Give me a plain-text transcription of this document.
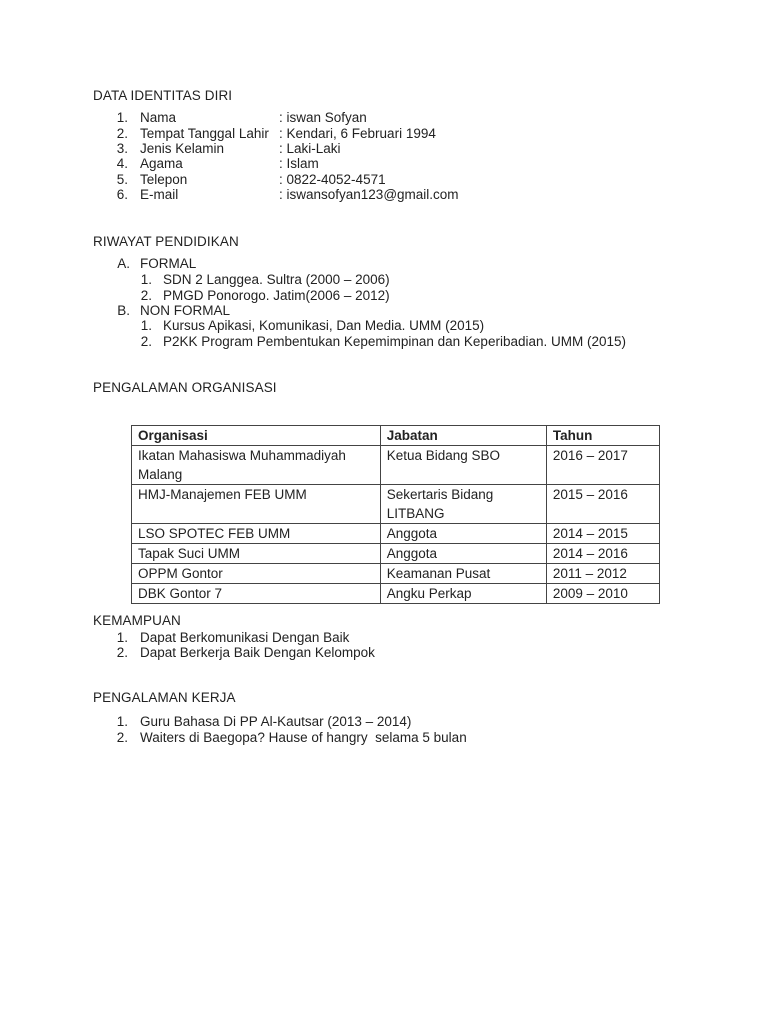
DATA IDENTITAS DIRI
1. Nama	: iswan Sofyan
2. Tempat Tanggal Lahir : Kendari, 6 Februari 1994
3. Jenis Kelamin	: Laki-Laki
4. Agama	: Islam
5. Telepon	: 0822-4052-4571
6. E-mail	: iswansofyan123@gmail.com
RIWAYAT PENDIDIKAN
A. FORMAL
1. SDN 2 Langgea. Sultra (2000 – 2006)
2. PMGD Ponorogo. Jatim(2006 – 2012)
B. NON FORMAL
1. Kursus Apikasi, Komunikasi, Dan Media. UMM (2015)
2. P2KK Program Pembentukan Kepemimpinan dan Keperibadian. UMM (2015)
PENGALAMAN ORGANISASI
Organisasi	Jabatan	Tahun
Ikatan Mahasiswa Muhammadiyah Malang	Ketua Bidang SBO	2016 – 2017
HMJ-Manajemen FEB UMM	Sekertaris Bidang LITBANG	2015 – 2016
LSO SPOTEC FEB UMM	Anggota	2014 – 2015
Tapak Suci UMM	Anggota	2014 – 2016
OPPM Gontor	Keamanan Pusat	2011 – 2012
DBK Gontor 7	Angku Perkap	2009 – 2010
KEMAMPUAN
1. Dapat Berkomunikasi Dengan Baik
2. Dapat Berkerja Baik Dengan Kelompok
PENGALAMAN KERJA
1. Guru Bahasa Di PP Al-Kautsar (2013 – 2014)
2. Waiters di Baegopa? Hause of hangry  selama 5 bulan
